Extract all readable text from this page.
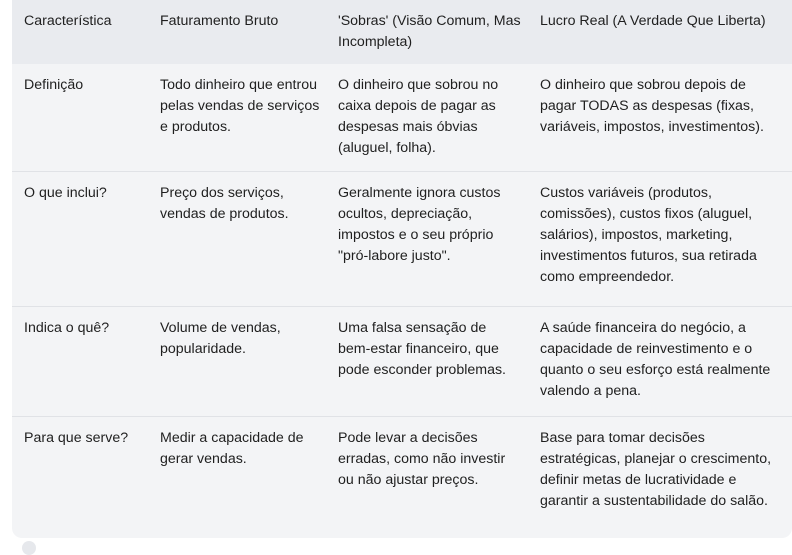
Característica	Faturamento Bruto	'Sobras' (Visão Comum, Mas Incompleta)	Lucro Real (A Verdade Que Liberta)
Definição	Todo dinheiro que entrou pelas vendas de serviços e produtos.	O dinheiro que sobrou no caixa depois de pagar as despesas mais óbvias (aluguel, folha).	O dinheiro que sobrou depois de pagar TODAS as despesas (fixas, variáveis, impostos, investimentos).
O que inclui?	Preço dos serviços, vendas de produtos.	Geralmente ignora custos ocultos, depreciação, impostos e o seu próprio "pró-labore justo".	Custos variáveis (produtos, comissões), custos fixos (aluguel, salários), impostos, marketing, investimentos futuros, sua retirada como empreendedor.
Indica o quê?	Volume de vendas, popularidade.	Uma falsa sensação de bem-estar financeiro, que pode esconder problemas.	A saúde financeira do negócio, a capacidade de reinvestimento e o quanto o seu esforço está realmente valendo a pena.
Para que serve?	Medir a capacidade de gerar vendas.	Pode levar a decisões erradas, como não investir ou não ajustar preços.	Base para tomar decisões estratégicas, planejar o crescimento, definir metas de lucratividade e garantir a sustentabilidade do salão.
